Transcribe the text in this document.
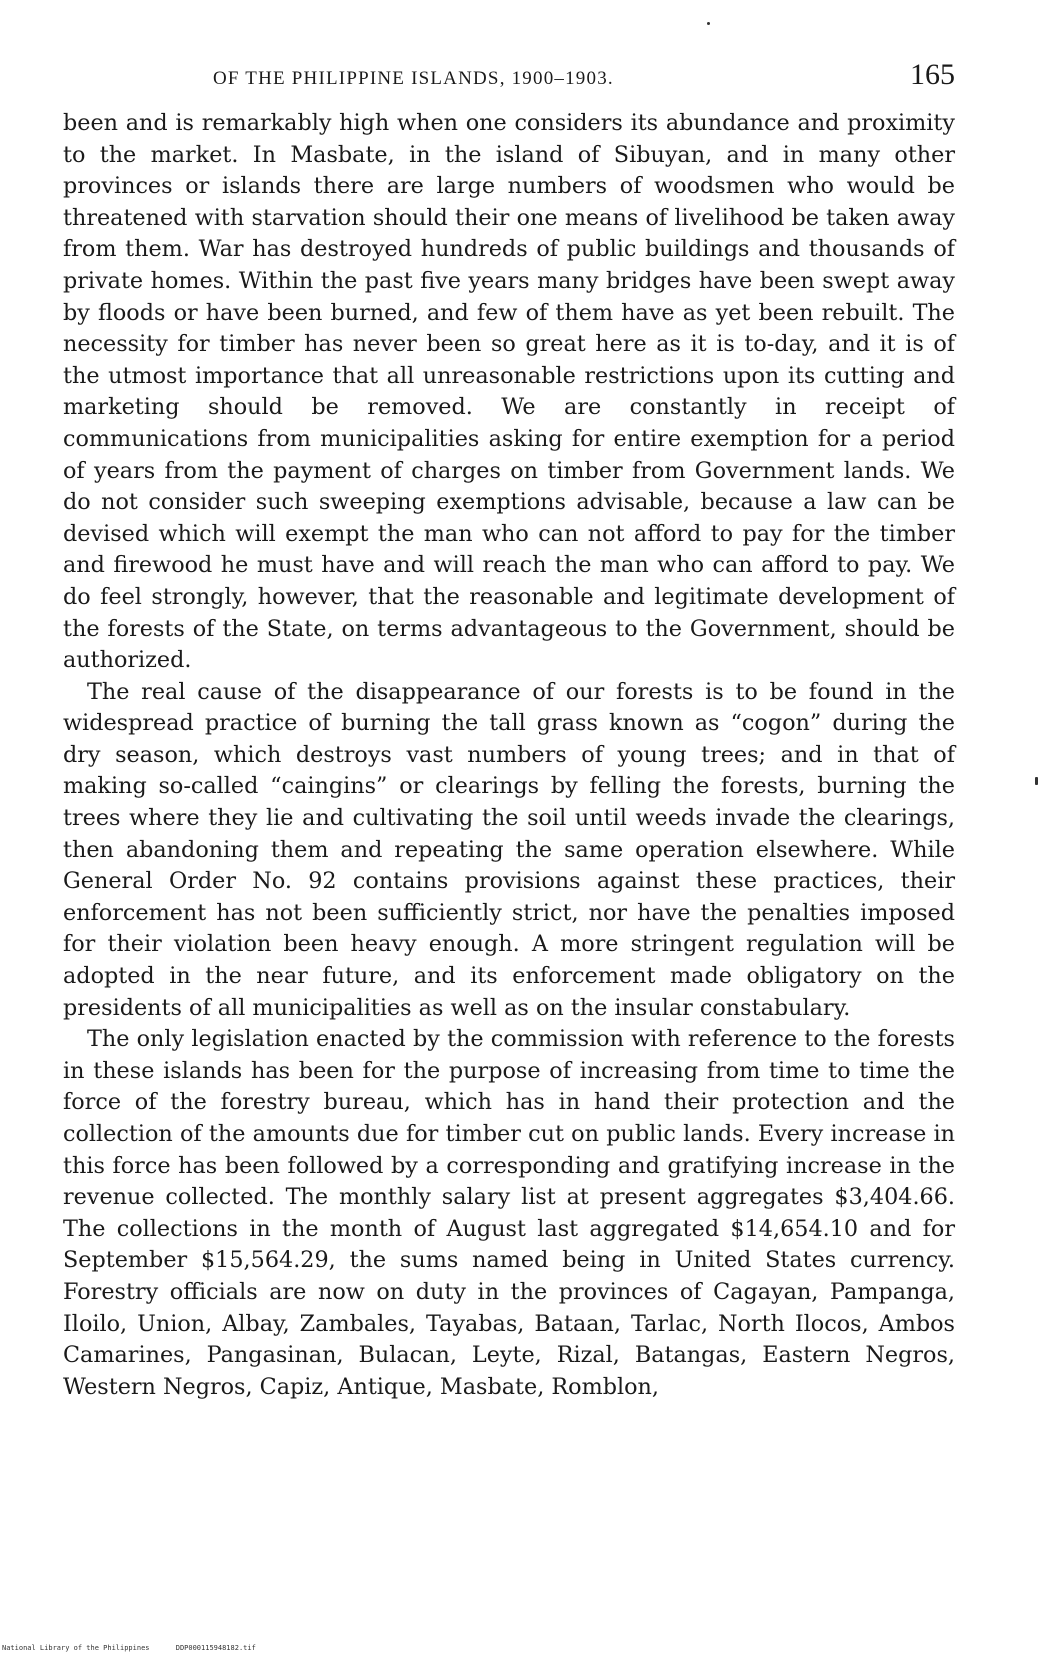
OF THE PHILIPPINE ISLANDS, 1900–1903.	165

been and is remarkably high when one considers its abundance and proximity to the market. In Masbate, in the island of Sibuyan, and in many other provinces or islands there are large numbers of woodsmen who would be threatened with starvation should their one means of livelihood be taken away from them. War has destroyed hundreds of public buildings and thousands of private homes. Within the past five years many bridges have been swept away by floods or have been burned, and few of them have as yet been rebuilt. The necessity for timber has never been so great here as it is to-day, and it is of the utmost importance that all unreasonable restrictions upon its cutting and marketing should be removed. We are constantly in receipt of communications from municipalities asking for entire exemption for a period of years from the payment of charges on timber from Government lands. We do not consider such sweeping exemptions advisable, because a law can be devised which will exempt the man who can not afford to pay for the timber and firewood he must have and will reach the man who can afford to pay. We do feel strongly, however, that the reasonable and legitimate development of the forests of the State, on terms advantageous to the Government, should be authorized.

The real cause of the disappearance of our forests is to be found in the widespread practice of burning the tall grass known as “cogon” during the dry season, which destroys vast numbers of young trees; and in that of making so-called “caingins” or clearings by felling the forests, burning the trees where they lie and cultivating the soil until weeds invade the clearings, then abandoning them and repeating the same operation elsewhere. While General Order No. 92 contains provisions against these practices, their enforcement has not been sufficiently strict, nor have the penalties imposed for their violation been heavy enough. A more stringent regulation will be adopted in the near future, and its enforcement made obligatory on the presidents of all municipalities as well as on the insular constabulary.

The only legislation enacted by the commission with reference to the forests in these islands has been for the purpose of increasing from time to time the force of the forestry bureau, which has in hand their protection and the collection of the amounts due for timber cut on public lands. Every increase in this force has been followed by a corresponding and gratifying increase in the revenue collected. The monthly salary list at present aggregates $3,404.66. The collections in the month of August last aggregated $14,654.10 and for September $15,564.29, the sums named being in United States currency. Forestry officials are now on duty in the provinces of Cagayan, Pampanga, Iloilo, Union, Albay, Zambales, Tayabas, Bataan, Tarlac, North Ilocos, Ambos Camarines, Pangasinan, Bulacan, Leyte, Rizal, Batangas, Eastern Negros, Western Negros, Capiz, Antique, Masbate, Romblon,

National Library of the Philippines	DDP000115948182.tif
